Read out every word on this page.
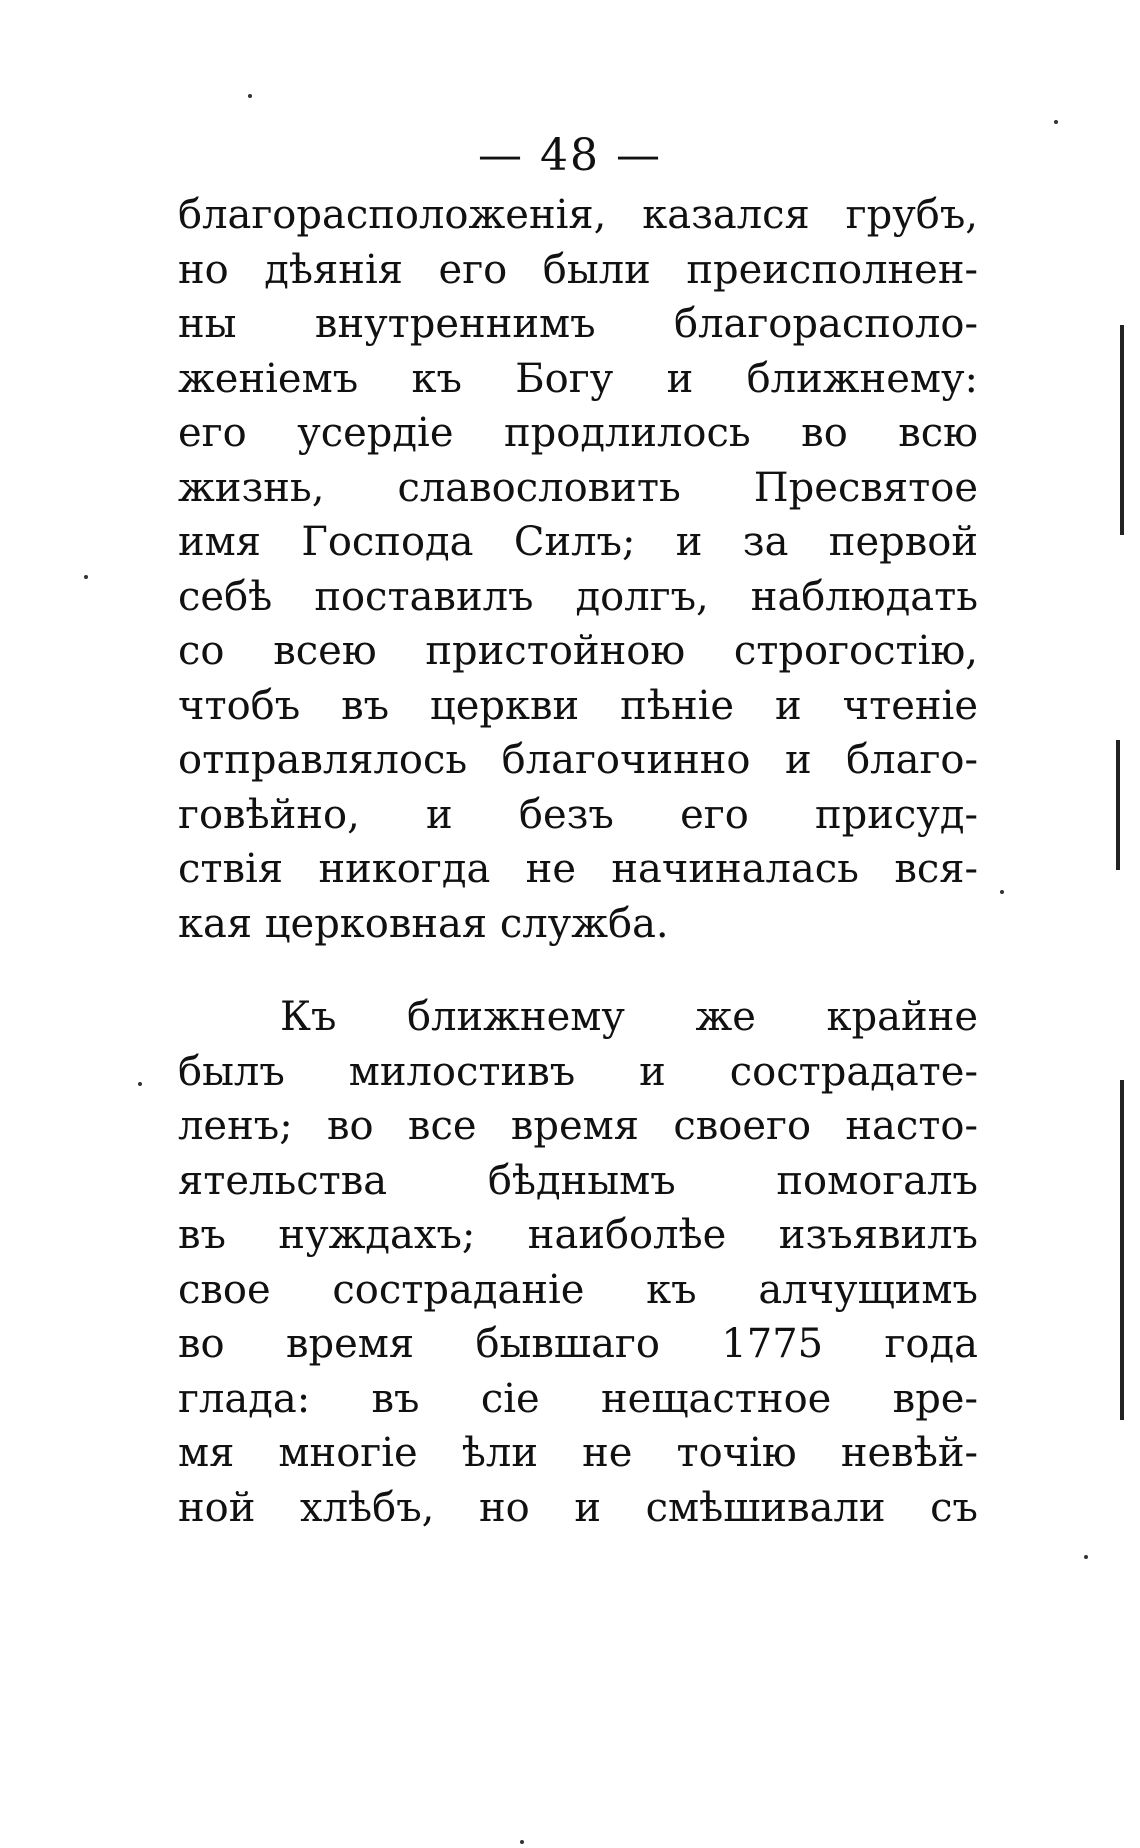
— 48 —
благорасположенія, казался грубъ,
но дѣянія его были преисполнен-
ны внутреннимъ благорасполо-
женіемъ къ Богу и ближнему:
его усердіе продлилось во всю
жизнь, славословить Пресвятое
имя Господа Силъ; и за первой
себѣ поставилъ долгъ, наблюдать
со всею пристойною строгостію,
чтобъ въ церкви пѣніе и чтеніе
отправлялось благочинно и благо-
говѣйно, и безъ его присуд-
ствія никогда не начиналась вся-
кая церковная служба.
Къ ближнему же крайне
былъ милостивъ и сострадате-
ленъ; во все время своего насто-
ятельства бѣднымъ помогалъ
въ нуждахъ; наиболѣе изъявилъ
свое состраданіе къ алчущимъ
во время бывшаго 1775 года
глада: въ сіе нещастное вре-
мя многіе ѣли не точію невѣй-
ной хлѣбъ, но и смѣшивали съ
